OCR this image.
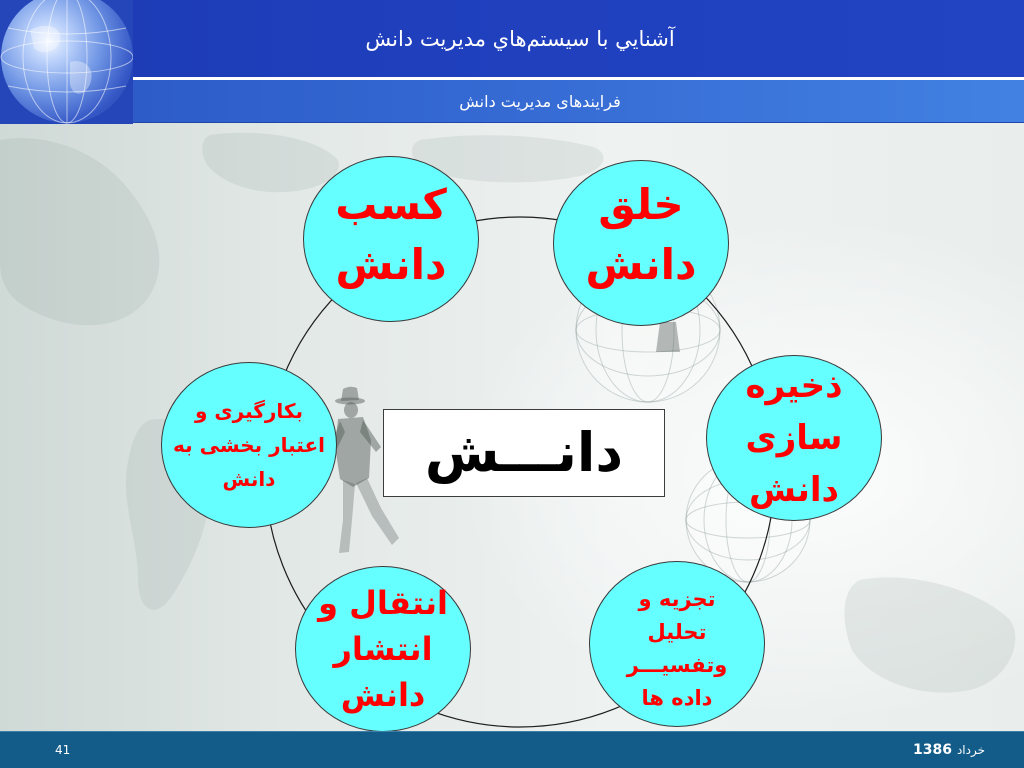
آشنايي با سيستم‌هاي مديريت دانش
فرایندهای مدیریت دانش
کسب
دانش
خلق
دانش
ذخیره
سازی
دانش
تجزیه و
تحلیل
وتفسیـــر
داده ها
انتقال و
انتشار
دانش
بکارگیری و
اعتبار بخشی به
دانش	دانـــش
41	خرداد
1386
